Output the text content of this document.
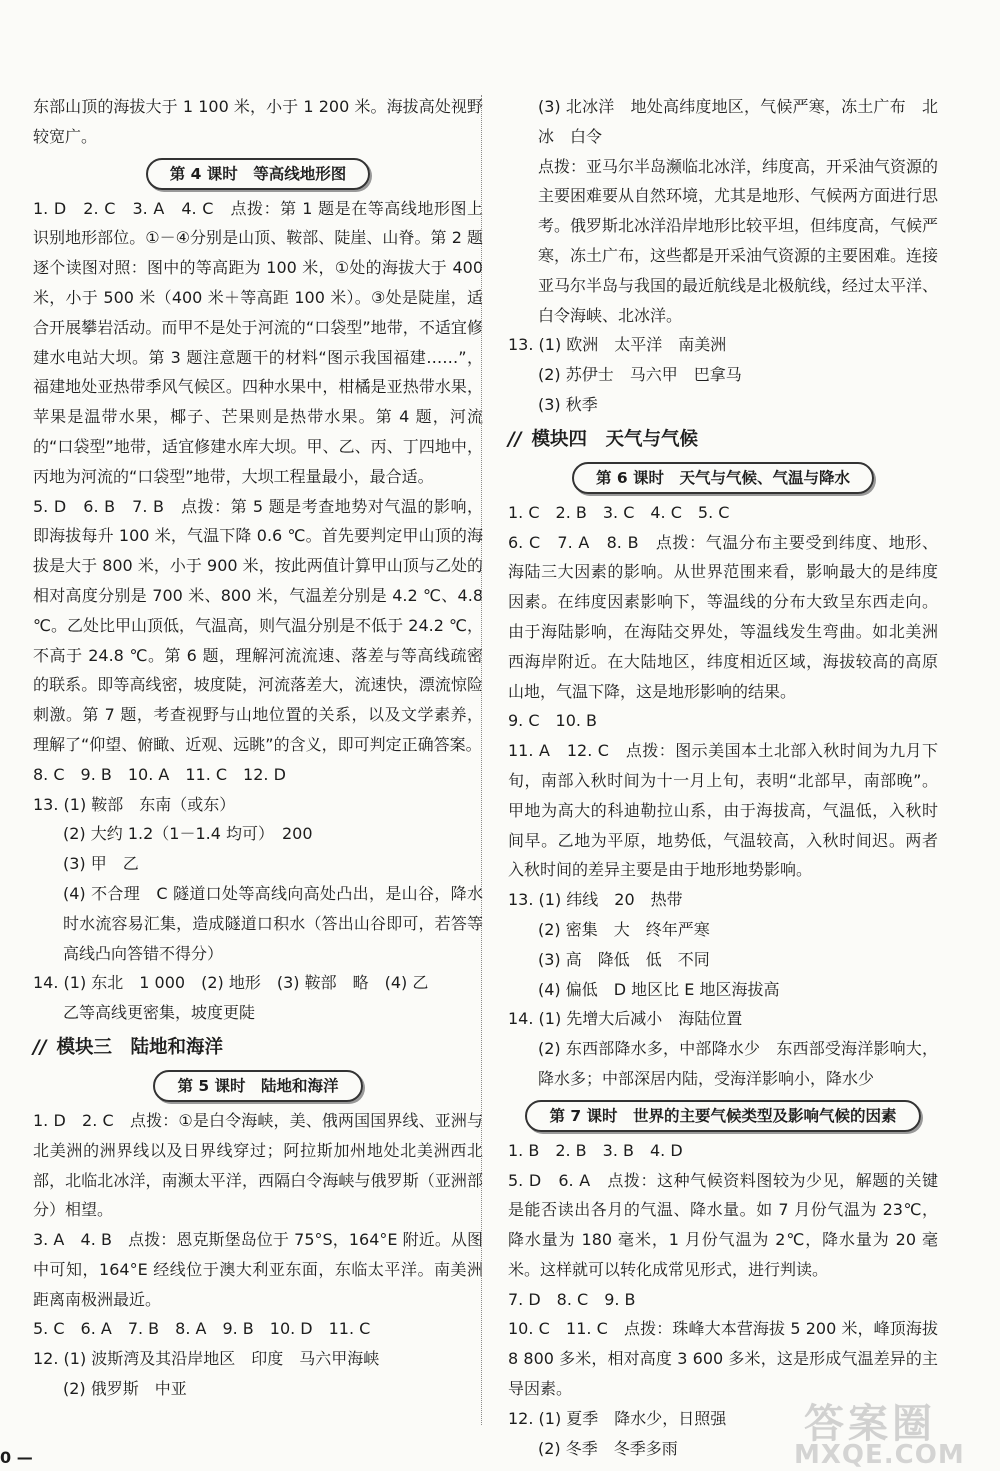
东部山顶的海拔大于 1 100 米，小于 1 200 米。海拔高处视野较宽广。

第 4 课时　等高线地形图

1. D　2. C　3. A　4. C　点拨：第 1 题是在等高线地形图上识别地形部位。①－④分别是山顶、鞍部、陡崖、山脊。第 2 题逐个读图对照：图中的等高距为 100 米，①处的海拔大于 400 米，小于 500 米（400 米＋等高距 100 米）。③处是陡崖，适合开展攀岩活动。而甲不是处于河流的“口袋型”地带，不适宜修建水电站大坝。第 3 题注意题干的材料“图示我国福建……”，福建地处亚热带季风气候区。四种水果中，柑橘是亚热带水果，苹果是温带水果，椰子、芒果则是热带水果。第 4 题，河流的“口袋型”地带，适宜修建水库大坝。甲、乙、丙、丁四地中，丙地为河流的“口袋型”地带，大坝工程量最小，最合适。

5. D　6. B　7. B　点拨：第 5 题是考查地势对气温的影响，即海拔每升 100 米，气温下降 0.6 ℃。首先要判定甲山顶的海拔是大于 800 米，小于 900 米，按此两值计算甲山顶与乙处的相对高度分别是 700 米、800 米，气温差分别是 4.2 ℃、4.8 ℃。乙处比甲山顶低，气温高，则气温分别是不低于 24.2 ℃，不高于 24.8 ℃。第 6 题，理解河流流速、落差与等高线疏密的联系。即等高线密，坡度陡，河流落差大，流速快，漂流惊险刺激。第 7 题，考查视野与山地位置的关系，以及文学素养，理解了“仰望、俯瞰、近观、远眺”的含义，即可判定正确答案。

8. C　9. B　10. A　11. C　12. D

13. (1) 鞍部　东南（或东）

(2) 大约 1.2（1－1.4 均可）　200

(3) 甲　乙

(4) 不合理　C 隧道口处等高线向高处凸出，是山谷，降水时水流容易汇集，造成隧道口积水（答出山谷即可，若答等高线凸向答错不得分）

14. (1) 东北　1 000　(2) 地形　(3) 鞍部　略　(4) 乙

乙等高线更密集，坡度更陡

// 模块三　陆地和海洋
第 5 课时　陆地和海洋

1. D　2. C　点拨：①是白令海峡，美、俄两国国界线、亚洲与北美洲的洲界线以及日界线穿过；阿拉斯加州地处北美洲西北部，北临北冰洋，南濒太平洋，西隔白令海峡与俄罗斯（亚洲部分）相望。

3. A　4. B　点拨：恩克斯堡岛位于 75°S，164°E 附近。从图中可知，164°E 经线位于澳大利亚东面，东临太平洋。南美洲距离南极洲最近。

5. C　6. A　7. B　8. A　9. B　10. D　11. C

12. (1) 波斯湾及其沿岸地区　印度　马六甲海峡

(2) 俄罗斯　中亚

(3) 北冰洋　地处高纬度地区，气候严寒，冻土广布　北冰　白令

点拨：亚马尔半岛濒临北冰洋，纬度高，开采油气资源的主要困难要从自然环境，尤其是地形、气候两方面进行思考。俄罗斯北冰洋沿岸地形比较平坦，但纬度高，气候严寒，冻土广布，这些都是开采油气资源的主要困难。连接亚马尔半岛与我国的最近航线是北极航线，经过太平洋、白令海峡、北冰洋。

13. (1) 欧洲　太平洋　南美洲

(2) 苏伊士　马六甲　巴拿马

(3) 秋季

// 模块四　天气与气候
第 6 课时　天气与气候、气温与降水

1. C　2. B　3. C　4. C　5. C

6. C　7. A　8. B　点拨：气温分布主要受到纬度、地形、海陆三大因素的影响。从世界范围来看，影响最大的是纬度因素。在纬度因素影响下，等温线的分布大致呈东西走向。由于海陆影响，在海陆交界处，等温线发生弯曲。如北美洲西海岸附近。在大陆地区，纬度相近区域，海拔较高的高原山地，气温下降，这是地形影响的结果。

9. C　10. B

11. A　12. C　点拨：图示美国本土北部入秋时间为九月下旬，南部入秋时间为十一月上旬，表明“北部早，南部晚”。甲地为高大的科迪勒拉山系，由于海拔高，气温低，入秋时间早。乙地为平原，地势低，气温较高，入秋时间迟。两者入秋时间的差异主要是由于地形地势影响。

13. (1) 纬线　20　热带

(2) 密集　大　终年严寒

(3) 高　降低　低　不同

(4) 偏低　D 地区比 E 地区海拔高

14. (1) 先增大后减小　海陆位置

(2) 东西部降水多，中部降水少　东西部受海洋影响大，降水多；中部深居内陆，受海洋影响小，降水少

第 7 课时　世界的主要气候类型及影响气候的因素

1. B　2. B　3. B　4. D

5. D　6. A　点拨：这种气候资料图较为少见，解题的关键是能否读出各月的气温、降水量。如 7 月份气温为 23℃，降水量为 180 毫米，1 月份气温为 2℃，降水量为 20 毫米。这样就可以转化成常见形式，进行判读。

7. D　8. C　9. B

10. C　11. C　点拨：珠峰大本营海拔 5 200 米，峰顶海拔 8 800 多米，相对高度 3 600 多米，这是形成气温差异的主导因素。

12. (1) 夏季　降水少，日照强

(2) 冬季　冬季多雨

0 —
答案圈
MXQE.COM
